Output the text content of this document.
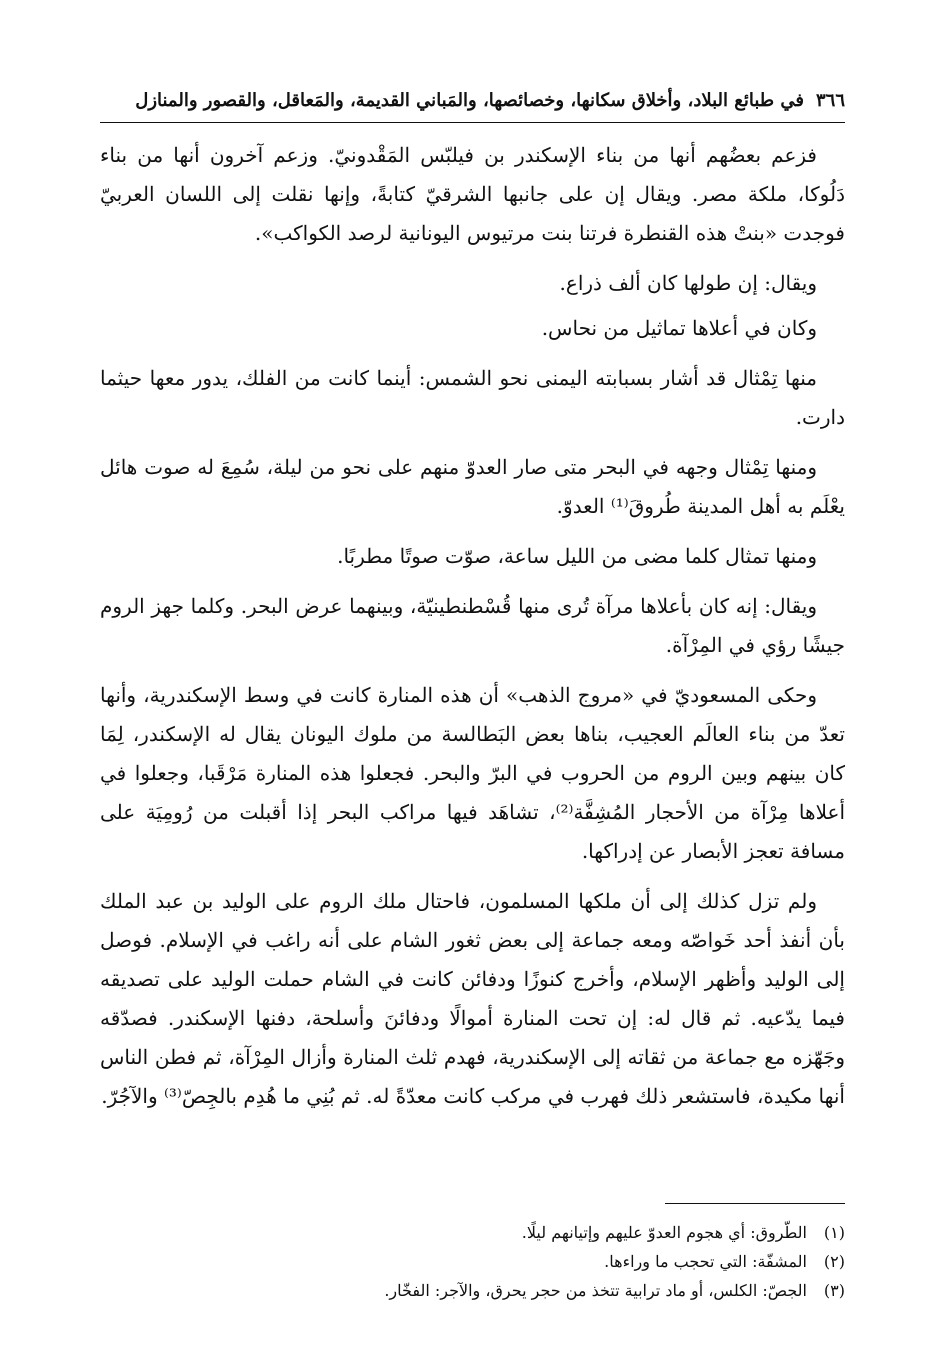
٣٦٦
في طبائع البلاد، وأخلاق سكانها، وخصائصها، والمَباني القديمة، والمَعاقل، والقصور والمنازل

فزعم بعضُهم أنها من بناء الإسكندر بن فيلبّس المَقْدونيّ. وزعم آخرون أنها من بناء دَلُوكا، ملكة مصر. ويقال إن على جانبها الشرقيّ كتابةً، وإنها نقلت إلى اللسان العربيّ فوجدت «بنتْ هذه القنطرة فرتنا بنت مرتيوس اليونانية لرصد الكواكب».

ويقال: إن طولها كان ألف ذراع.

وكان في أعلاها تماثيل من نحاس.

منها تِمْثال قد أشار بسبابته اليمنى نحو الشمس: أينما كانت من الفلك، يدور معها حيثما دارت.

ومنها تِمْثال وجهه في البحر متى صار العدوّ منهم على نحو من ليلة، سُمِعَ له صوت هائل يعْلَم به أهل المدينة طُروقَ⁽¹⁾ العدوّ.

ومنها تمثال كلما مضى من الليل ساعة، صوّت صوتًا مطربًا.

ويقال: إنه كان بأعلاها مرآة تُرى منها قُسْطنطينيّة، وبينهما عرض البحر. وكلما جهز الروم جيشًا رؤي في المِرْآة.

وحكى المسعوديّ في «مروج الذهب» أن هذه المنارة كانت في وسط الإسكندرية، وأنها تعدّ من بناء العالَم العجيب، بناها بعض البَطالسة من ملوك اليونان يقال له الإسكندر، لِمَا كان بينهم وبين الروم من الحروب في البرّ والبحر. فجعلوا هذه المنارة مَرْقَبا، وجعلوا في أعلاها مِرْآة من الأحجار المُشِفَّة⁽²⁾، تشاهَد فيها مراكب البحر إذا أقبلت من رُومِيَة على مسافة تعجز الأبصار عن إدراكها.

ولم تزل كذلك إلى أن ملكها المسلمون، فاحتال ملك الروم على الوليد بن عبد الملك بأن أنفذ أحد خَواصّه ومعه جماعة إلى بعض ثغور الشام على أنه راغب في الإسلام. فوصل إلى الوليد وأظهر الإسلام، وأخرج كنوزًا ودفائن كانت في الشام حملت الوليد على تصديقه فيما يدّعيه. ثم قال له: إن تحت المنارة أموالًا ودفائنَ وأسلحة، دفنها الإسكندر. فصدّقه وجَهّزه مع جماعة من ثقاته إلى الإسكندرية، فهدم ثلث المنارة وأزال المِرْآة، ثم فطن الناس أنها مكيدة، فاستشعر ذلك فهرب في مركب كانت معدّةً له. ثم بُنِي ما هُدِم بالجِصّ⁽³⁾ والآجُرّ.

(١)
الطّروق: أي هجوم العدوّ عليهم وإتيانهم ليلًا.
(٢)
المشفّة: التي تحجب ما وراءها.
(٣)
الجصّ: الكلس، أو ماد ترابية تتخذ من حجر يحرق، والآجر: الفخّار.
